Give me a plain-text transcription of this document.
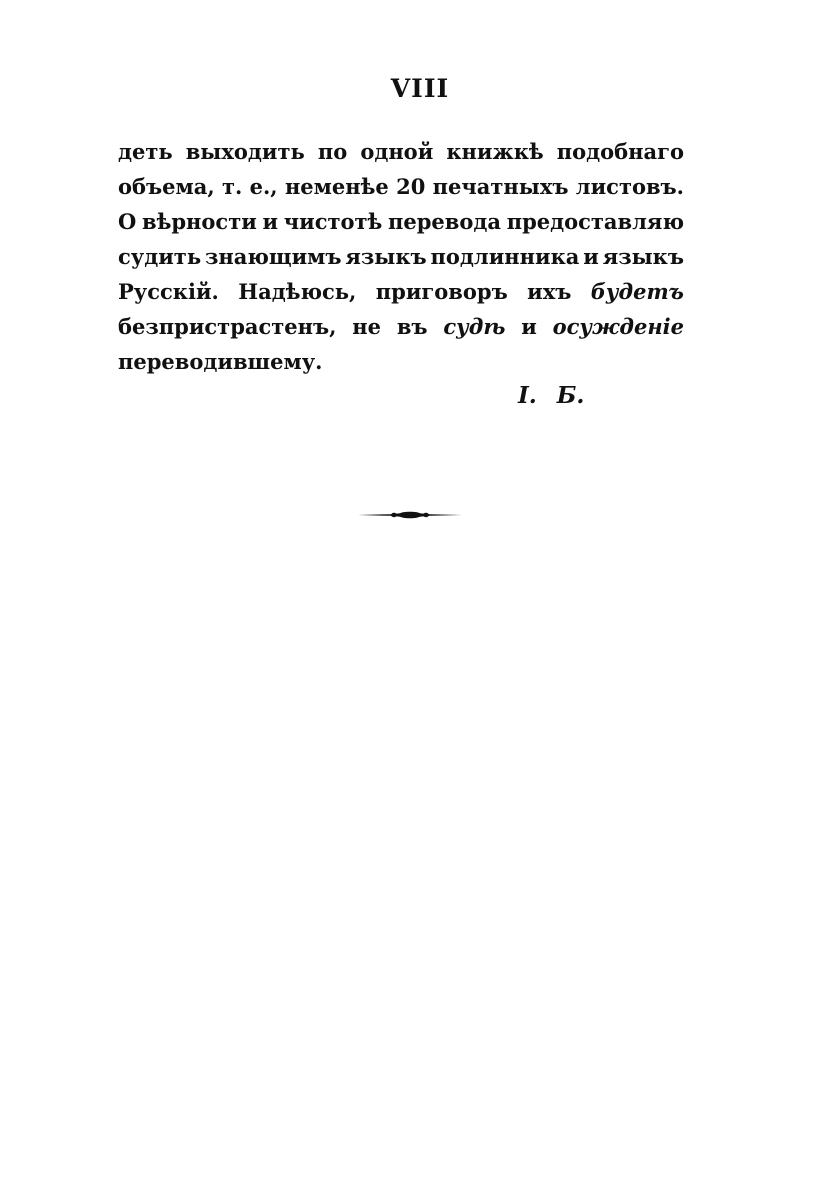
VIII
деть выходить по одной книжкѣ подобнаго
объема, т. е., неменѣе 20 печатныхъ листовъ.
О вѣрности и чистотѣ перевода предоставляю
судить знающимъ языкъ подлинника и языкъ
Русскій. Надѣюсь, приговоръ ихъ будетъ
безпристрастенъ, не въ судѣ и осужденіе
переводившему.
I. Б.
